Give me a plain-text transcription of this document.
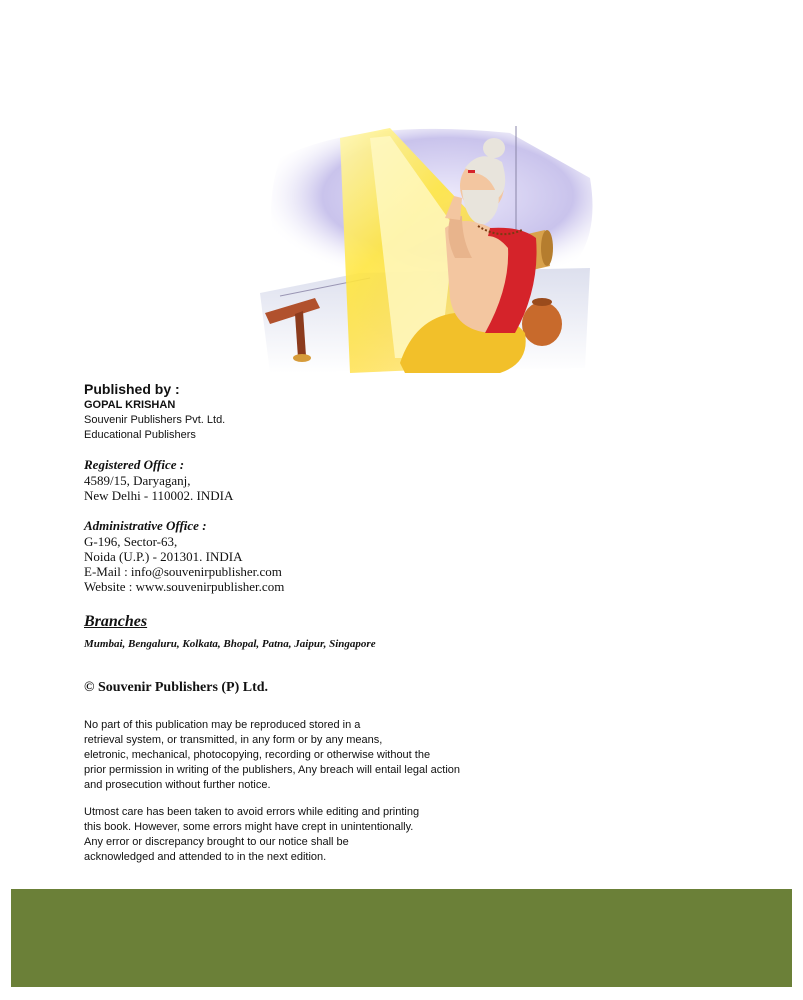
Published by :
GOPAL KRISHAN
Souvenir Publishers Pvt. Ltd.
Educational Publishers
Registered Office :
4589/15, Daryaganj,
New Delhi - 110002. INDIA
Administrative Office :
G-196, Sector-63,
Noida (U.P.) - 201301. INDIA
E-Mail : info@souvenirpublisher.com
Website : www.souvenirpublisher.com
Branches
Mumbai, Bengaluru, Kolkata, Bhopal, Patna, Jaipur, Singapore
© Souvenir Publishers (P) Ltd.
No part of this publication may be reproduced stored in a
retrieval system, or transmitted, in any form or by any means,
eletronic, mechanical, photocopying, recording or otherwise without the
prior permission in writing of the publishers, Any breach will entail legal action
and prosecution without further notice.
Utmost care has been taken to avoid errors while editing and printing
this book. However, some errors might have crept in unintentionally.
Any error or discrepancy brought to our notice shall be
acknowledged and attended to in the next edition.
